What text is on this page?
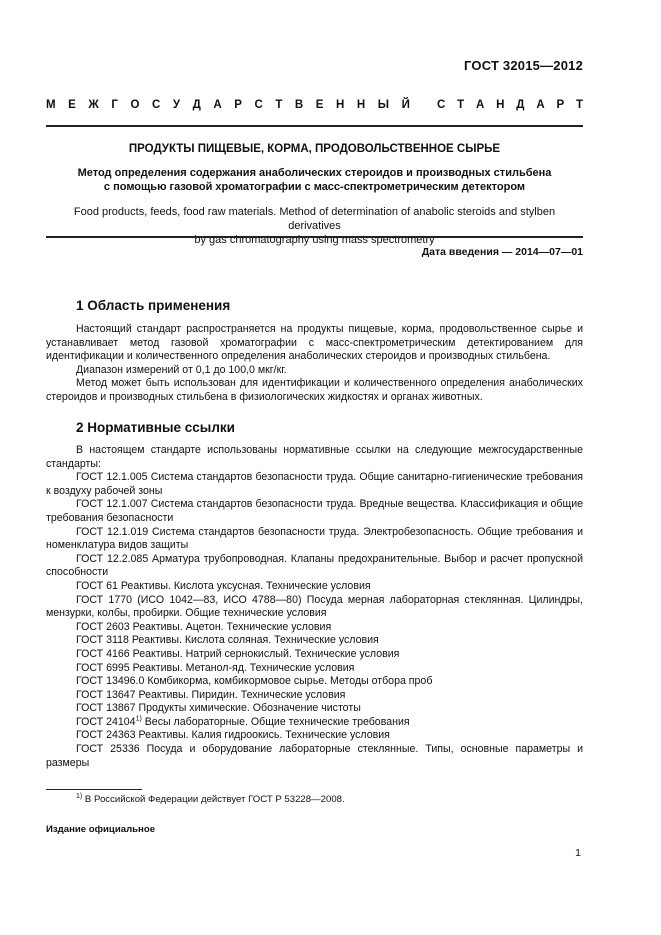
ГОСТ 32015—2012
М Е Ж Г О С У Д А Р С Т В Е Н Н Ы Й С Т А Н Д А Р Т
ПРОДУКТЫ ПИЩЕВЫЕ, КОРМА, ПРОДОВОЛЬСТВЕННОЕ СЫРЬЕ
Метод определения содержания анаболических стероидов и производных стильбена
с помощью газовой хроматографии с масс-спектрометрическим детектором
Food products, feeds, food raw materials. Method of determination of anabolic steroids and stylben derivatives
by gas chromatography using mass spectrometry
Дата введения — 2014—07—01
1 Область применения

Настоящий стандарт распространяется на продукты пищевые, корма, продовольственное сырье и устанавливает метод газовой хроматографии с масс-спектрометрическим детектированием для идентификации и количественного определения анаболических стероидов и производных стильбена.

Диапазон измерений от 0,1 до 100,0 мкг/кг.

Метод может быть использован для идентификации и количественного определения анаболических стероидов и производных стильбена в физиологических жидкостях и органах животных.

2 Нормативные ссылки

В настоящем стандарте использованы нормативные ссылки на следующие межгосударственные стандарты:

ГОСТ 12.1.005 Система стандартов безопасности труда. Общие санитарно-гигиенические требования к воздуху рабочей зоны

ГОСТ 12.1.007 Система стандартов безопасности труда. Вредные вещества. Классификация и общие требования безопасности

ГОСТ 12.1.019 Система стандартов безопасности труда. Электробезопасность. Общие требования и номенклатура видов защиты

ГОСТ 12.2.085 Арматура трубопроводная. Клапаны предохранительные. Выбор и расчет пропускной способности

ГОСТ 61 Реактивы. Кислота уксусная. Технические условия

ГОСТ 1770 (ИСО 1042—83, ИСО 4788—80) Посуда мерная лабораторная стеклянная. Цилиндры, мензурки, колбы, пробирки. Общие технические условия

ГОСТ 2603 Реактивы. Ацетон. Технические условия

ГОСТ 3118 Реактивы. Кислота соляная. Технические условия

ГОСТ 4166 Реактивы. Натрий сернокислый. Технические условия

ГОСТ 6995 Реактивы. Метанол-яд. Технические условия

ГОСТ 13496.0 Комбикорма, комбикормовое сырье. Методы отбора проб

ГОСТ 13647 Реактивы. Пиридин. Технические условия

ГОСТ 13867 Продукты химические. Обозначение чистоты

ГОСТ 24104$^{1)}$ Весы лабораторные. Общие технические требования

ГОСТ 24363 Реактивы. Калия гидроокись. Технические условия

ГОСТ 25336 Посуда и оборудование лабораторные стеклянные. Типы, основные параметры и размеры

$^{1)}$ В Российской Федерации действует ГОСТ Р 53228—2008.
Издание официальное
1
